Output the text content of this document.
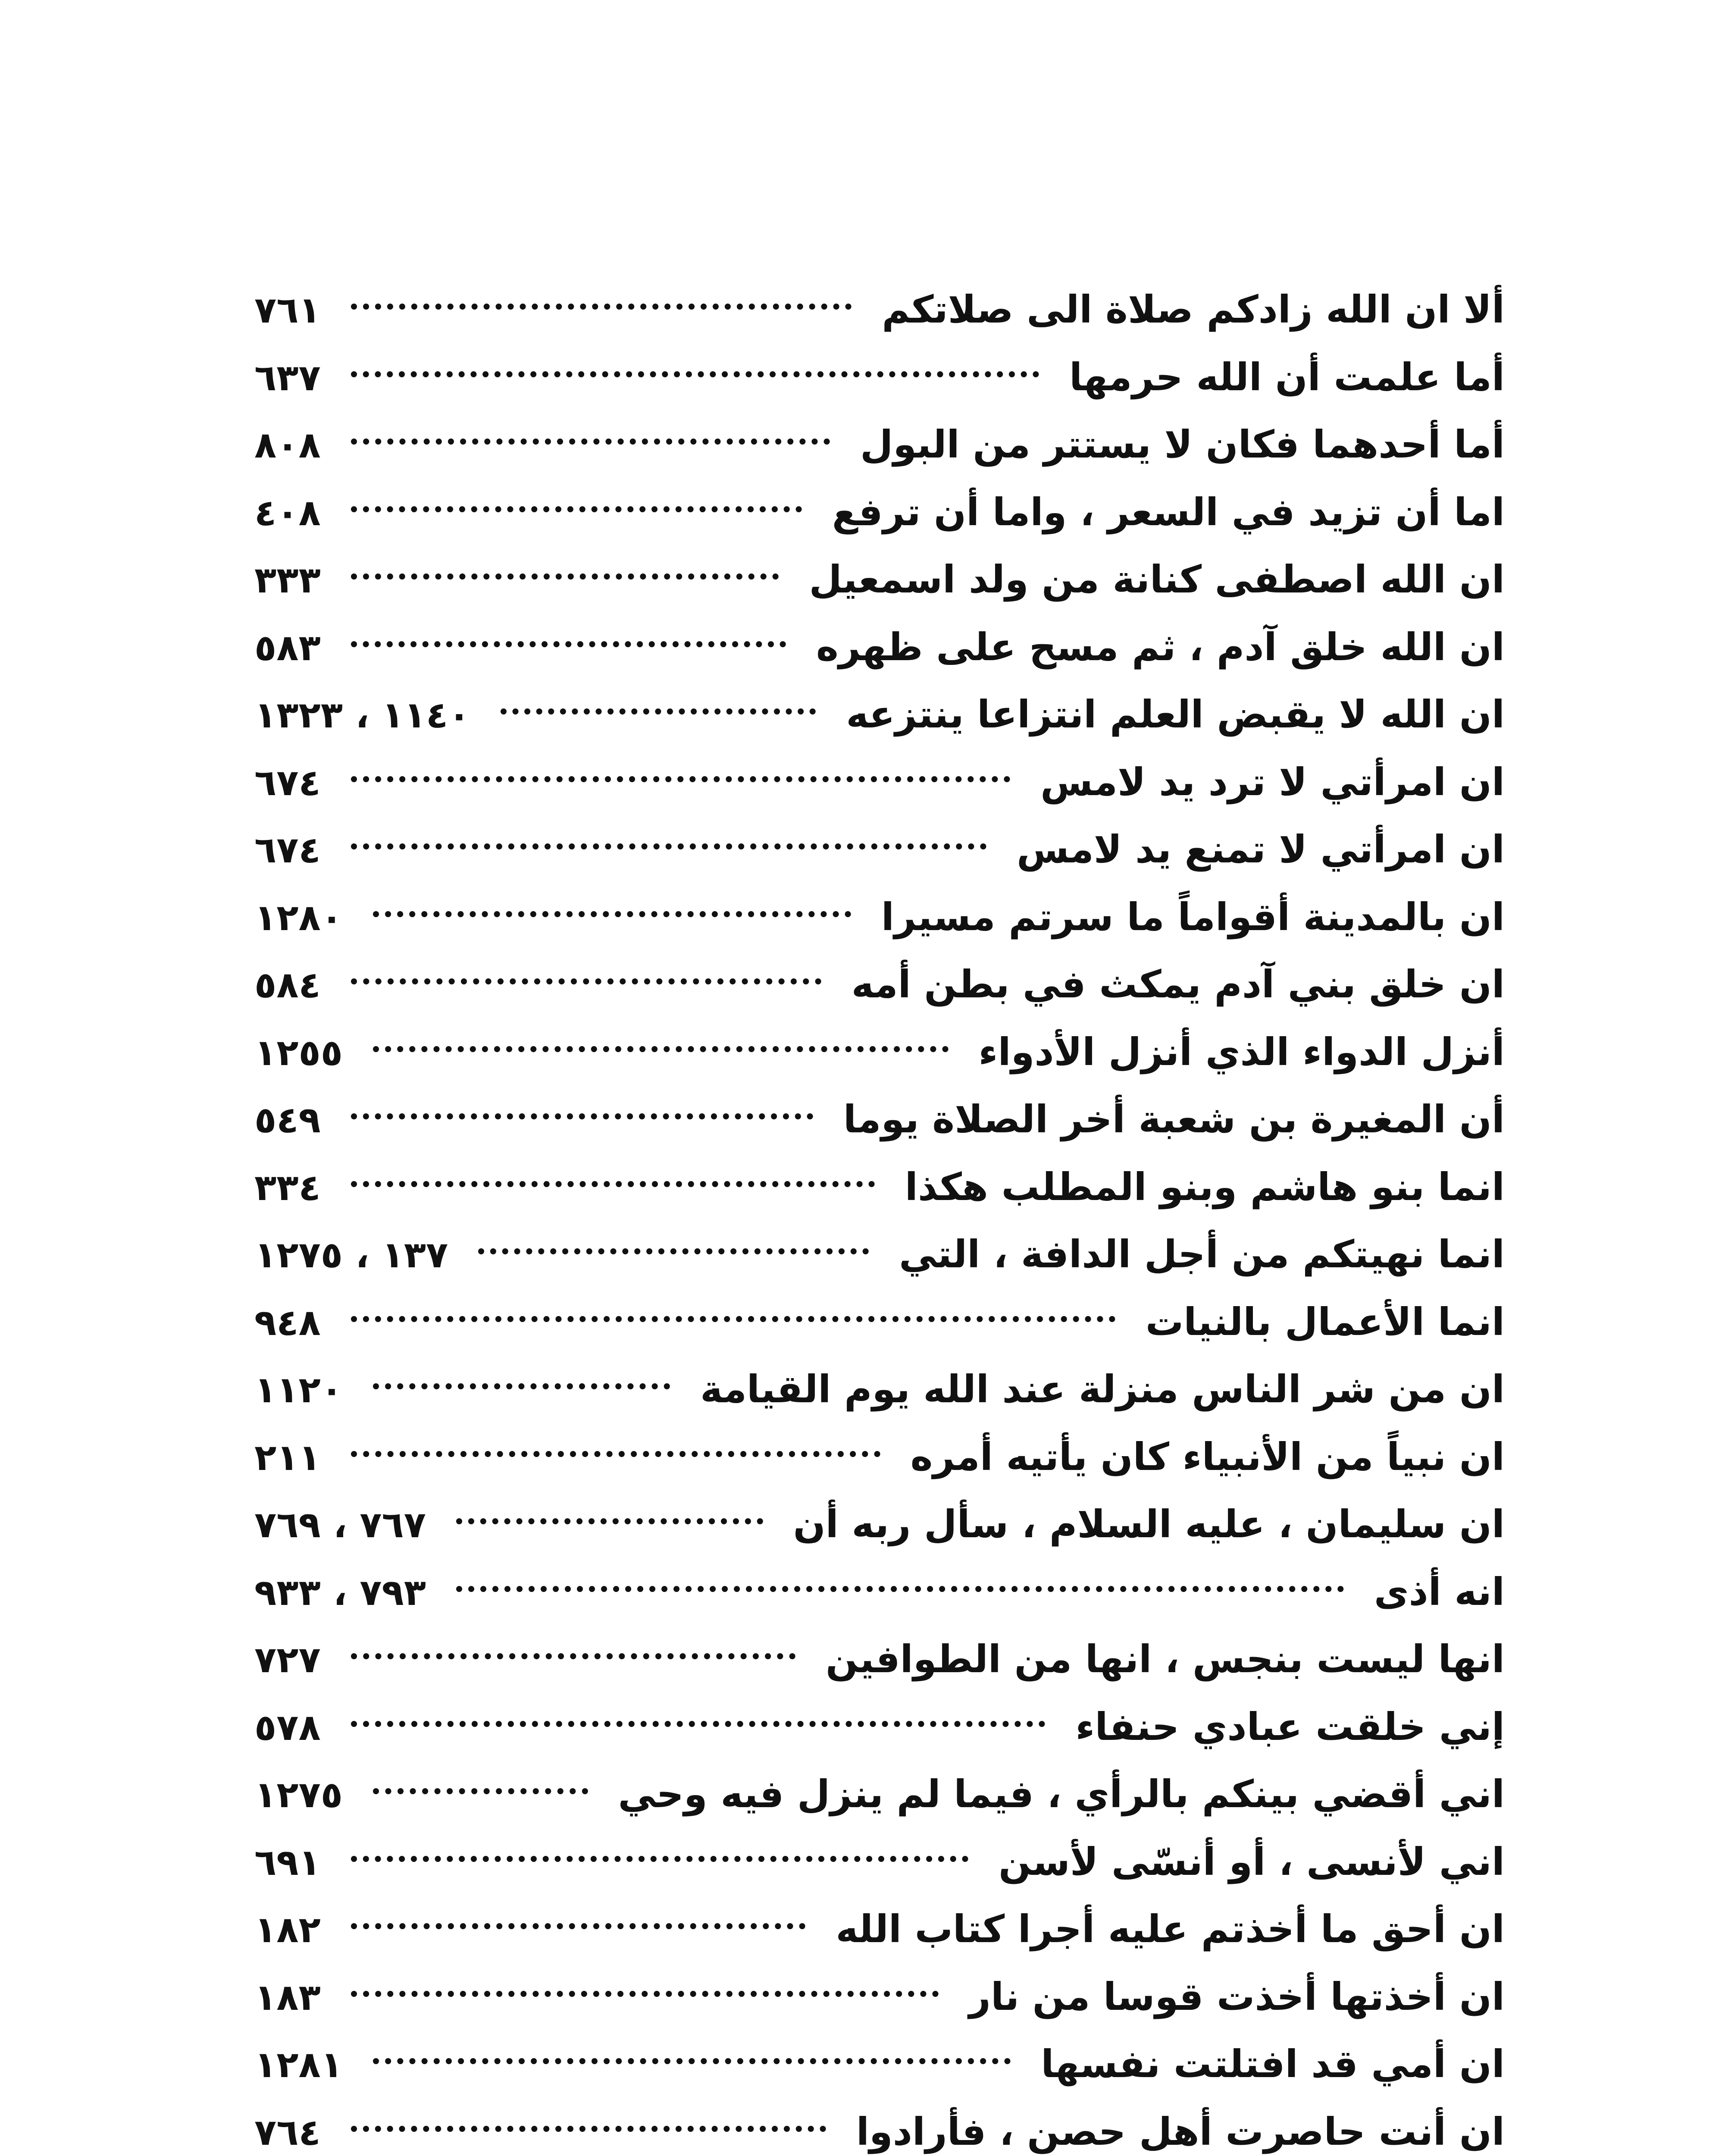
ألا ان الله زادكم صلاة الى صلاتكم
٧٦١
أما علمت أن الله حرمها
٦٣٧
أما أحدهما فكان لا يستتر من البول
٨٠٨
اما أن تزيد في السعر ، واما أن ترفع
٤٠٨
ان الله اصطفى كنانة من ولد اسمعيل
٣٣٣
ان الله خلق آدم ، ثم مسح على ظهره
٥٨٣
ان الله لا يقبض العلم انتزاعا ينتزعه
١١٤٠ ، ١٣٢٣
ان امرأتي لا ترد يد لامس
٦٧٤
ان امرأتي لا تمنع يد لامس
٦٧٤
ان بالمدينة أقواماً ما سرتم مسيرا
١٢٨٠
ان خلق بني آدم يمكث في بطن أمه
٥٨٤
أنزل الدواء الذي أنزل الأدواء
١٢٥٥
أن المغيرة بن شعبة أخر الصلاة يوما
٥٤٩
انما بنو هاشم وبنو المطلب هكذا
٣٣٤
انما نهيتكم من أجل الدافة ، التي
١٣٧ ، ١٢٧٥
انما الأعمال بالنيات
٩٤٨
ان من شر الناس منزلة عند الله يوم القيامة
١١٢٠
ان نبياً من الأنبياء كان يأتيه أمره
٢١١
ان سليمان ، عليه السلام ، سأل ربه أن
٧٦٧ ، ٧٦٩
انه أذى
٧٩٣ ، ٩٣٣
انها ليست بنجس ، انها من الطوافين
٧٢٧
إني خلقت عبادي حنفاء
٥٧٨
اني أقضي بينكم بالرأي ، فيما لم ينزل فيه وحي
١٢٧٥
اني لأنسى ، أو أنسّى لأسن
٦٩١
ان أحق ما أخذتم عليه أجرا كتاب الله
١٨٢
ان أخذتها أخذت قوسا من نار
١٨٣
ان أمي قد افتلتت نفسها
١٢٨١
ان أنت حاصرت أهل حصن ، فأرادوا
٧٦٤
